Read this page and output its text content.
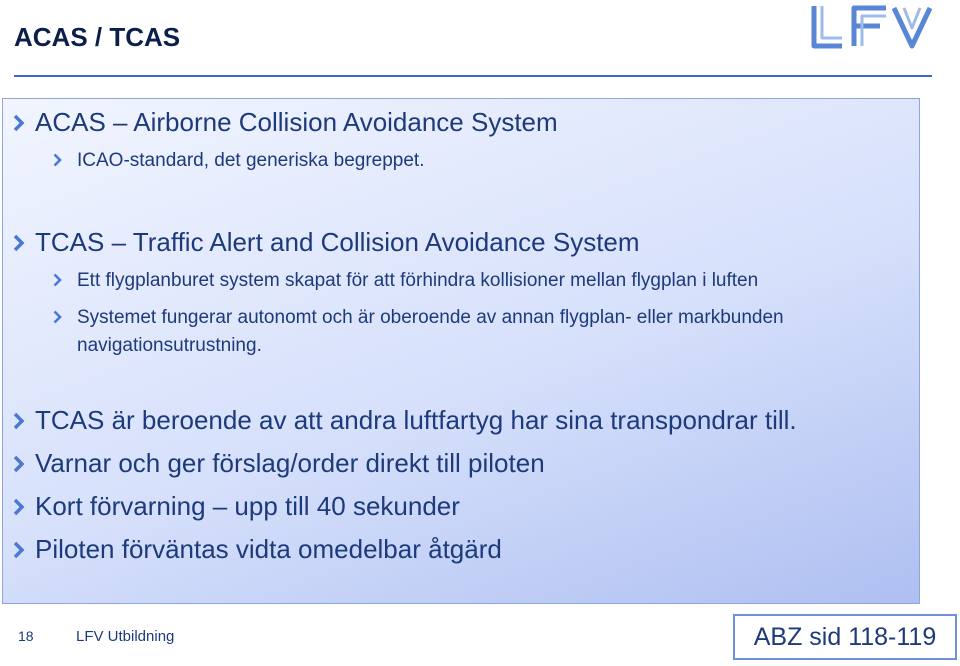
ACAS / TCAS
ACAS – Airborne Collision Avoidance System
ICAO-standard, det generiska begreppet.
TCAS – Traffic Alert and Collision Avoidance System
Ett flygplanburet system skapat för att förhindra kollisioner mellan flygplan i luften
Systemet fungerar autonomt och är oberoende av annan flygplan- eller markbunden navigationsutrustning.
TCAS är beroende av att andra luftfartyg har sina transpondrar till.
Varnar och ger förslag/order direkt till piloten
Kort förvarning – upp till 40 sekunder
Piloten förväntas vidta omedelbar åtgärd
18	LFV Utbildning	ABZ sid 118-119
